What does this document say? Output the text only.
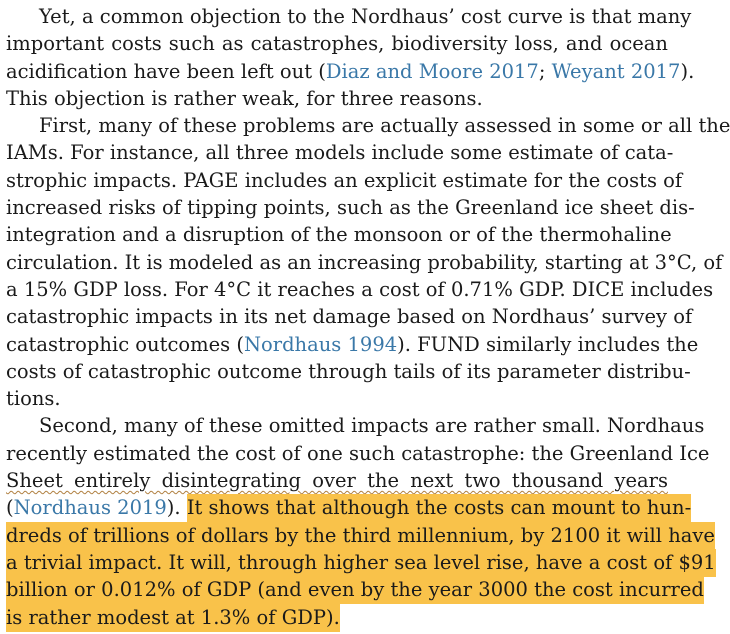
Yet, a common objection to the Nordhaus’ cost curve is that many
important costs such as catastrophes, biodiversity loss, and ocean
acidification have been left out (Diaz and Moore 2017; Weyant 2017).
This objection is rather weak, for three reasons.
First, many of these problems are actually assessed in some or all the
IAMs. For instance, all three models include some estimate of cata-
strophic impacts. PAGE includes an explicit estimate for the costs of
increased risks of tipping points, such as the Greenland ice sheet dis-
integration and a disruption of the monsoon or of the thermohaline
circulation. It is modeled as an increasing probability, starting at 3°C, of
a 15% GDP loss. For 4°C it reaches a cost of 0.71% GDP. DICE includes
catastrophic impacts in its net damage based on Nordhaus’ survey of
catastrophic outcomes (Nordhaus 1994). FUND similarly includes the
costs of catastrophic outcome through tails of its parameter distribu-
tions.
Second, many of these omitted impacts are rather small. Nordhaus
recently estimated the cost of one such catastrophe: the Greenland Ice
Sheet entirely disintegrating over the next two thousand years
(Nordhaus 2019). It shows that although the costs can mount to hun-
dreds of trillions of dollars by the third millennium, by 2100 it will have
a trivial impact. It will, through higher sea level rise, have a cost of $91
billion or 0.012% of GDP (and even by the year 3000 the cost incurred
is rather modest at 1.3% of GDP).
